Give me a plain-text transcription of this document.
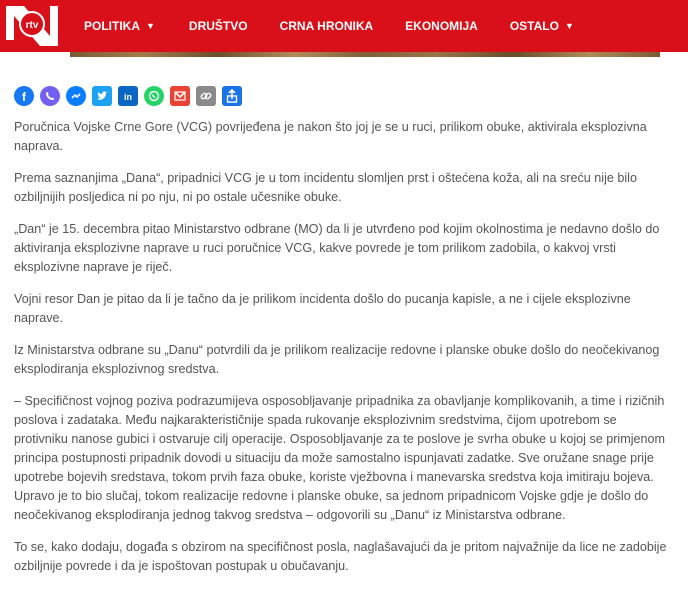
rtv	POLITIKA ▼	DRUŠTVO	CRNA HRONIKA	EKONOMIJA	OSTALO ▼
f	in

Poručnica Vojske Crne Gore (VCG) povrijeđena je nakon što joj je se u ruci, prilikom obuke, aktivirala eksplozivna naprava.

Prema saznanjima „Dana“, pripadnici VCG je u tom incidentu slomljen prst i oštećena koža, ali na sreću nije bilo ozbiljnijih posljedica ni po nju, ni po ostale učesnike obuke.

„Dan“ je 15. decembra pitao Ministarstvo odbrane (MO) da li je utvrđeno pod kojim okolnostima je nedavno došlo do aktiviranja eksplozivne naprave u ruci poručnice VCG, kakve povrede je tom prilikom zadobila, o kakvoj vrsti eksplozivne naprave je riječ.

Vojni resor Dan je pitao da li je tačno da je prilikom incidenta došlo do pucanja kapisle, a ne i cijele eksplozivne naprave.

Iz Ministarstva odbrane su „Danu“ potvrdili da je prilikom realizacije redovne i planske obuke došlo do neočekivanog eksplodiranja eksplozivnog sredstva.

– Specifičnost vojnog poziva podrazumijeva osposobljavanje pripadnika za obavljanje komplikovanih, a time i rizičnih poslova i zadataka. Među najkarakterističnije spada rukovanje eksplozivnim sredstvima, čijom upotrebom se protivniku nanose gubici i ostvaruje cilj operacije. Osposobljavanje za te poslove je svrha obuke u kojoj se primjenom principa postupnosti pripadnik dovodi u situaciju da može samostalno ispunjavati zadatke. Sve oružane snage prije upotrebe bojevih sredstava, tokom prvih faza obuke, koriste vježbovna i manevarska sredstva koja imitiraju bojeva. Upravo je to bio slučaj, tokom realizacije redovne i planske obuke, sa jednom pripadnicom Vojske gdje je došlo do neočekivanog eksplodiranja jednog takvog sredstva – odgovorili su „Danu“ iz Ministarstva odbrane.

To se, kako dodaju, događa s obzirom na specifičnost posla, naglašavajući da je pritom najvažnije da lice ne zadobije ozbiljnije povrede i da je ispoštovan postupak u obučavanju.
